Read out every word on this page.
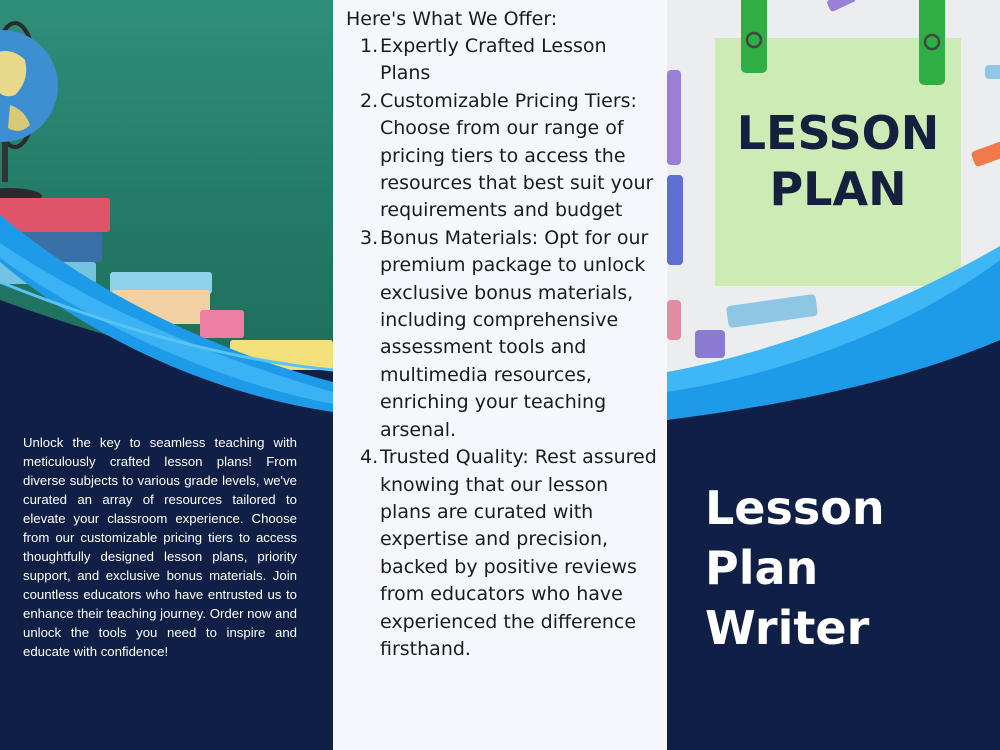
Unlock the key to seamless teaching with meticulously crafted lesson plans! From diverse subjects to various grade levels, we've curated an array of resources tailored to elevate your classroom experience. Choose from our customizable pricing tiers to access thoughtfully designed lesson plans, priority support, and exclusive bonus materials. Join countless educators who have entrusted us to enhance their teaching journey. Order now and unlock the tools you need to inspire and educate with confidence!

Here's What We Offer:

1. Expertly Crafted Lesson Plans
2. Customizable Pricing Tiers: Choose from our range of pricing tiers to access the resources that best suit your requirements and budget
3. Bonus Materials: Opt for our premium package to unlock exclusive bonus materials, including comprehensive assessment tools and multimedia resources, enriching your teaching arsenal.
4. Trusted Quality: Rest assured knowing that our lesson plans are curated with expertise and precision, backed by positive reviews from educators who have experienced the difference firsthand.

LESSON PLAN

Lesson Plan Writer
